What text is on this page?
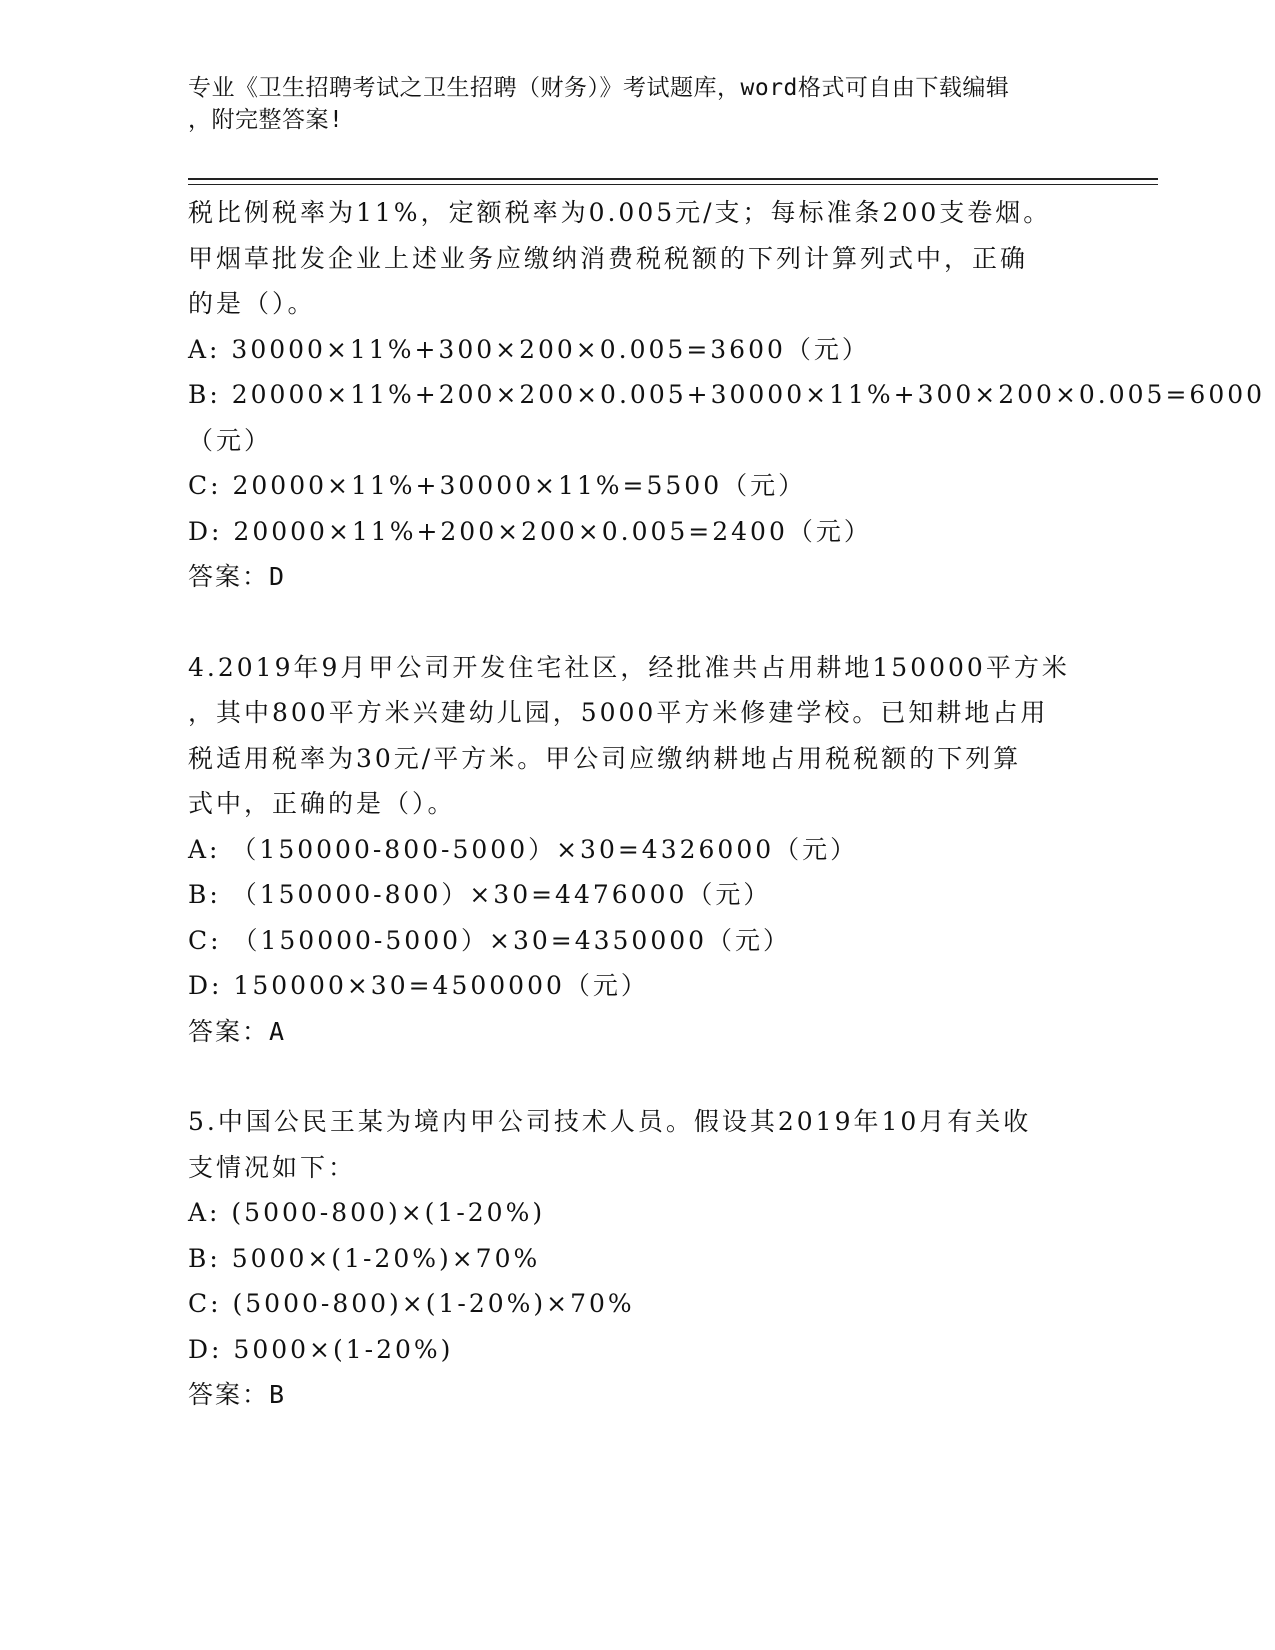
专业《卫生招聘考试之卫生招聘（财务）》考试题库，word格式可自由下载编辑
，附完整答案!
税比例税率为11%，定额税率为0.005元/支；每标准条200支卷烟。
甲烟草批发企业上述业务应缴纳消费税税额的下列计算列式中，正确
的是（）。
A: 30000×11%+300×200×0.005=3600（元）
B: 20000×11%+200×200×0.005+30000×11%+300×200×0.005=6000
（元）
C: 20000×11%+30000×11%=5500（元）
D: 20000×11%+200×200×0.005=2400（元）
答案：D
4.2019年9月甲公司开发住宅社区，经批准共占用耕地150000平方米
，其中800平方米兴建幼儿园，5000平方米修建学校。已知耕地占用
税适用税率为30元/平方米。甲公司应缴纳耕地占用税税额的下列算
式中，正确的是（）。
A: （150000-800-5000）×30=4326000（元）
B: （150000-800）×30=4476000（元）
C: （150000-5000）×30=4350000（元）
D: 150000×30=4500000（元）
答案：A
5.中国公民王某为境内甲公司技术人员。假设其2019年10月有关收
支情况如下：
A: (5000-800)×(1-20%)
B: 5000×(1-20%)×70%
C: (5000-800)×(1-20%)×70%
D: 5000×(1-20%)
答案：B
